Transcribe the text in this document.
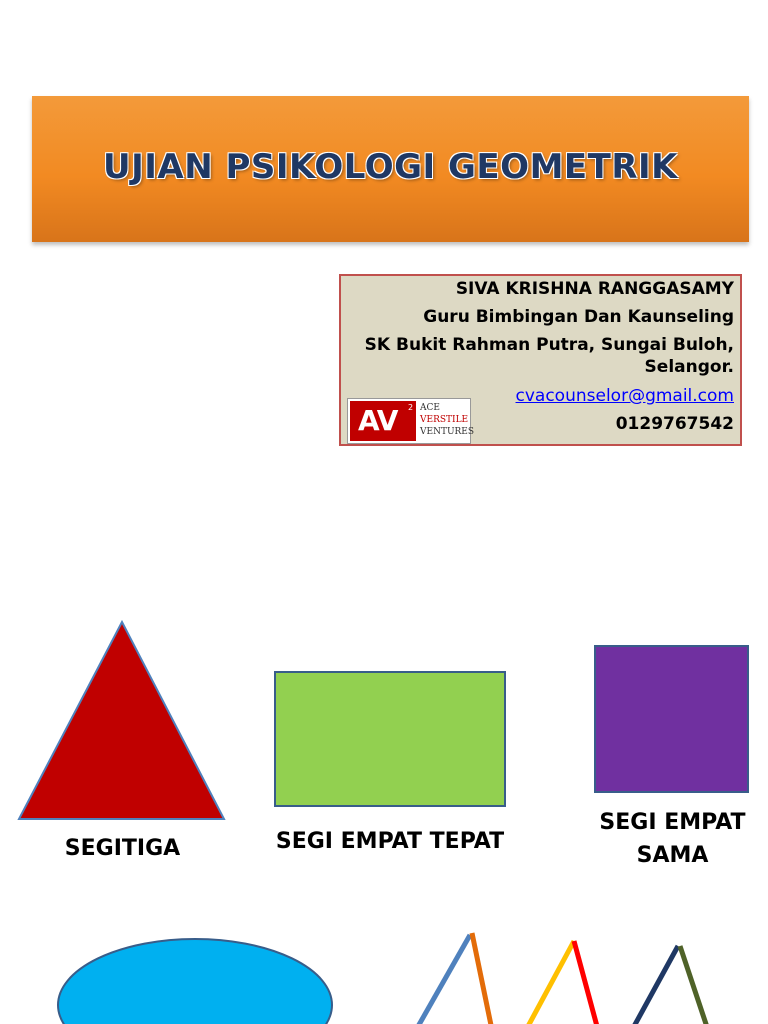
UJIAN PSIKOLOGI GEOMETRIK
SIVA KRISHNA RANGGASAMY
Guru Bimbingan Dan Kaunseling
SK Bukit Rahman Putra, Sungai Buloh,
Selangor.
cvacounselor@gmail.com
0129767542
AV 2 ACE
VERSTILE
VENTURES
SEGITIGA	SEGI EMPAT TEPAT
SEGI EMPAT
SAMA
